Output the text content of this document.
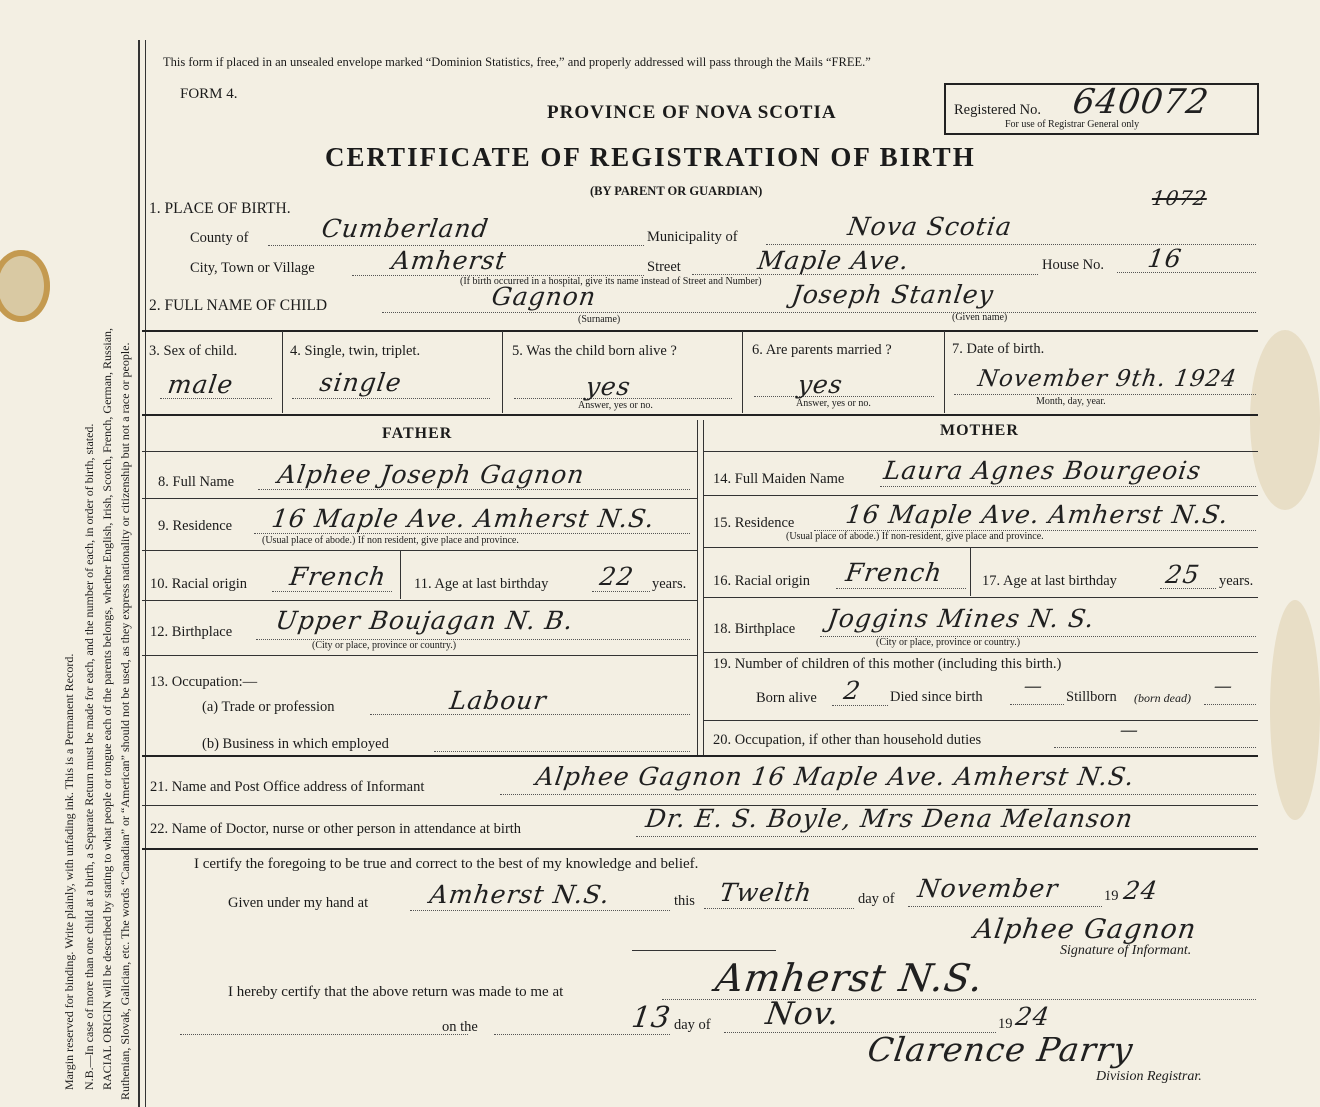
Margin reserved for binding. Write plainly, with unfading ink. This is a Permanent Record. N.B.—In case of more than one child at a birth, a Separate Return must be made for each, and the number of each, in order of birth, stated. RACIAL ORIGIN will be described by stating to what people or tongue each of the parents belongs, whether English, Irish, Scotch, French, German, Russian, Ruthenian, Slovak, Galician, etc. The words “Canadian” or “American” should not be used, as they express nationality or citizenship but not a race or people.
This form if placed in an unsealed envelope marked “Dominion Statistics, free,” and properly addressed will pass through the Mails “FREE.”
FORM 4.
PROVINCE OF NOVA SCOTIA
CERTIFICATE OF REGISTRATION OF BIRTH
(BY PARENT OR GUARDIAN)
Registered No. 640072
For use of Registrar General only
1072
1. PLACE OF BIRTH.
County of	Cumberland	Municipality of	Nova Scotia
City, Town or Village	Amherst	Street	Maple Ave.	House No. 16
(If birth occurred in a hospital, give its name instead of Street and Number)
2. FULL NAME OF CHILD	Gagnon
(Surname)
Joseph Stanley
(Given name)
3. Sex of child.
male
4. Single, twin, triplet.
single
5. Was the child born alive ?
yes
Answer, yes or no.
6. Are parents married ?
yes
Answer, yes or no.
7. Date of birth.
November 9th. 1924
Month, day, year.
FATHER	MOTHER
8. Full Name Alphee Joseph Gagnon
9. Residence 16 Maple Ave. Amherst N.S.
(Usual place of abode.) If non resident, give place and province.
10. Racial origin French 11. Age at last birthday 22 years.
12. Birthplace Upper Boujagan N. B.
(City or place, province or country.)
13. Occupation:—
(a) Trade or profession	Labour
(b) Business in which employed
14. Full Maiden Name Laura Agnes Bourgeois
15. Residence 16 Maple Ave. Amherst N.S.
(Usual place of abode.) If non-resident, give place and province.
16. Racial origin French	17. Age at last birthday 25 years.
18. Birthplace Joggins Mines N. S.
(City or place, province or country.)
19. Number of children of this mother (including this birth.)
Born alive 2 Died since birth — Stillborn (born dead)
—
20. Occupation, if other than household duties	—
21. Name and Post Office address of Informant	Alphee Gagnon 16 Maple Ave. Amherst N.S.
22. Name of Doctor, nurse or other person in attendance at birth	Dr. E. S. Boyle, Mrs Dena Melanson
I certify the foregoing to be true and correct to the best of my knowledge and belief.
Given under my hand at Amherst N.S.	this Twelth	day of November	19 24
Alphee Gagnon
Signature of Informant.
I hereby certify that the above return was made to me at	Amherst N.S.
on the	13 day of Nov.	19 24
Clarence Parry
Division Registrar.
